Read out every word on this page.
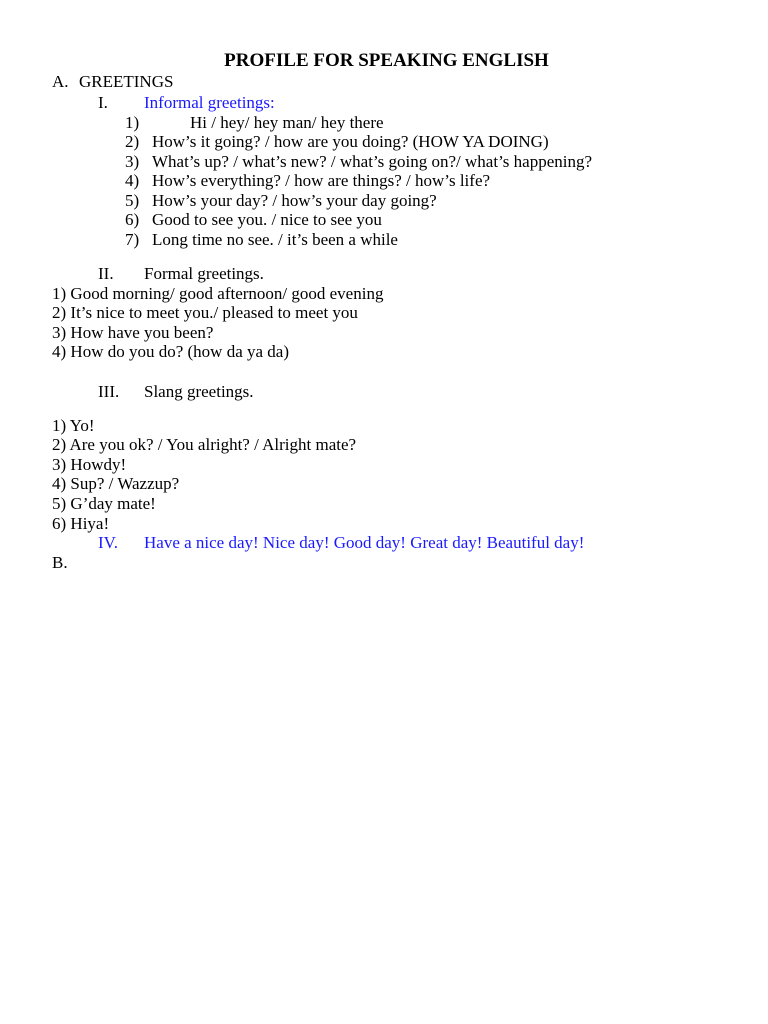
PROFILE FOR SPEAKING ENGLISH
A. GREETINGS
I. Informal greetings:
1)	Hi / hey/ hey man/ hey there
2) How’s it going? / how are you doing? (HOW YA DOING)
3) What’s up? / what’s new? / what’s going on?/ what’s happening?
4) How’s everything? / how are things? / how’s life?
5) How’s your day? / how’s your day going?
6) Good to see you. / nice to see you
7) Long time no see. / it’s been a while
II. Formal greetings.
1) Good morning/ good afternoon/ good evening
2) It’s nice to meet you./ pleased to meet you
3) How have you been?
4) How do you do? (how da ya da)
III. Slang greetings.
1) Yo!
2) Are you ok? / You alright? / Alright mate?
3) Howdy!
4) Sup? / Wazzup?
5) G’day mate!
6) Hiya!
IV. Have a nice day! Nice day! Good day! Great day! Beautiful day!
B.
